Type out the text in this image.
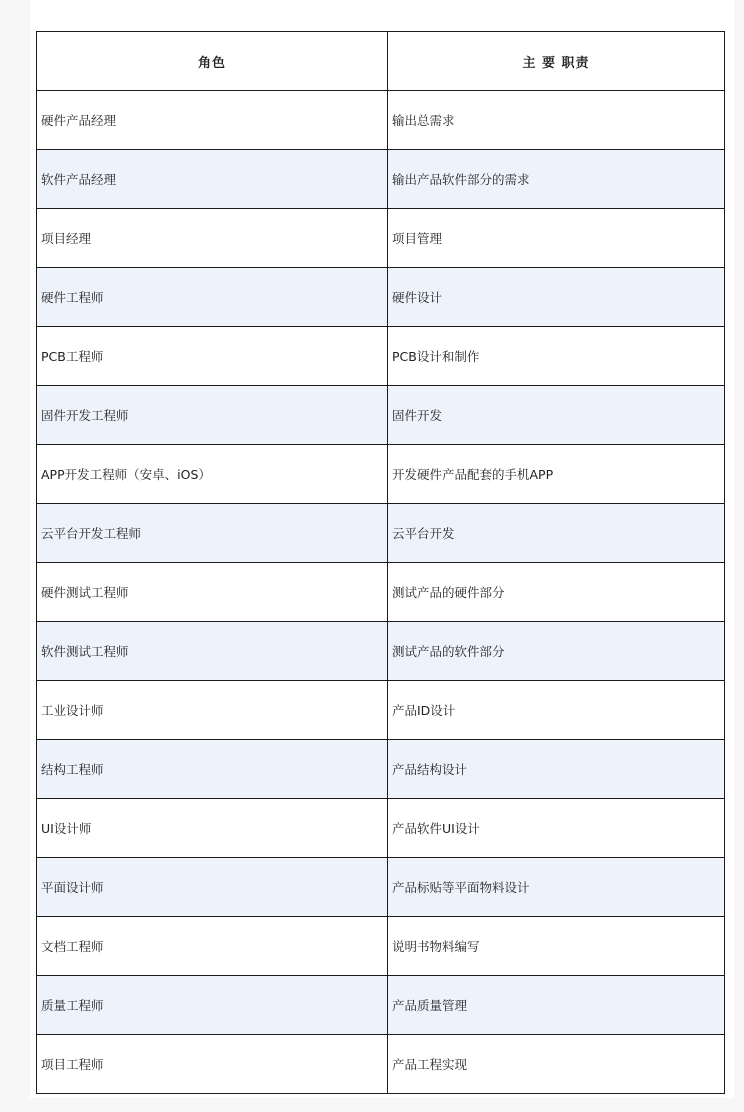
角色	主 要 职责
硬件产品经理	输出总需求
软件产品经理	输出产品软件部分的需求
项目经理	项目管理
硬件工程师	硬件设计
PCB工程师	PCB设计和制作
固件开发工程师	固件开发
APP开发工程师（安卓、iOS）	开发硬件产品配套的手机APP
云平台开发工程师	云平台开发
硬件测试工程师	测试产品的硬件部分
软件测试工程师	测试产品的软件部分
工业设计师	产品ID设计
结构工程师	产品结构设计
UI设计师	产品软件UI设计
平面设计师	产品标贴等平面物料设计
文档工程师	说明书物料编写
质量工程师	产品质量管理
项目工程师	产品工程实现
